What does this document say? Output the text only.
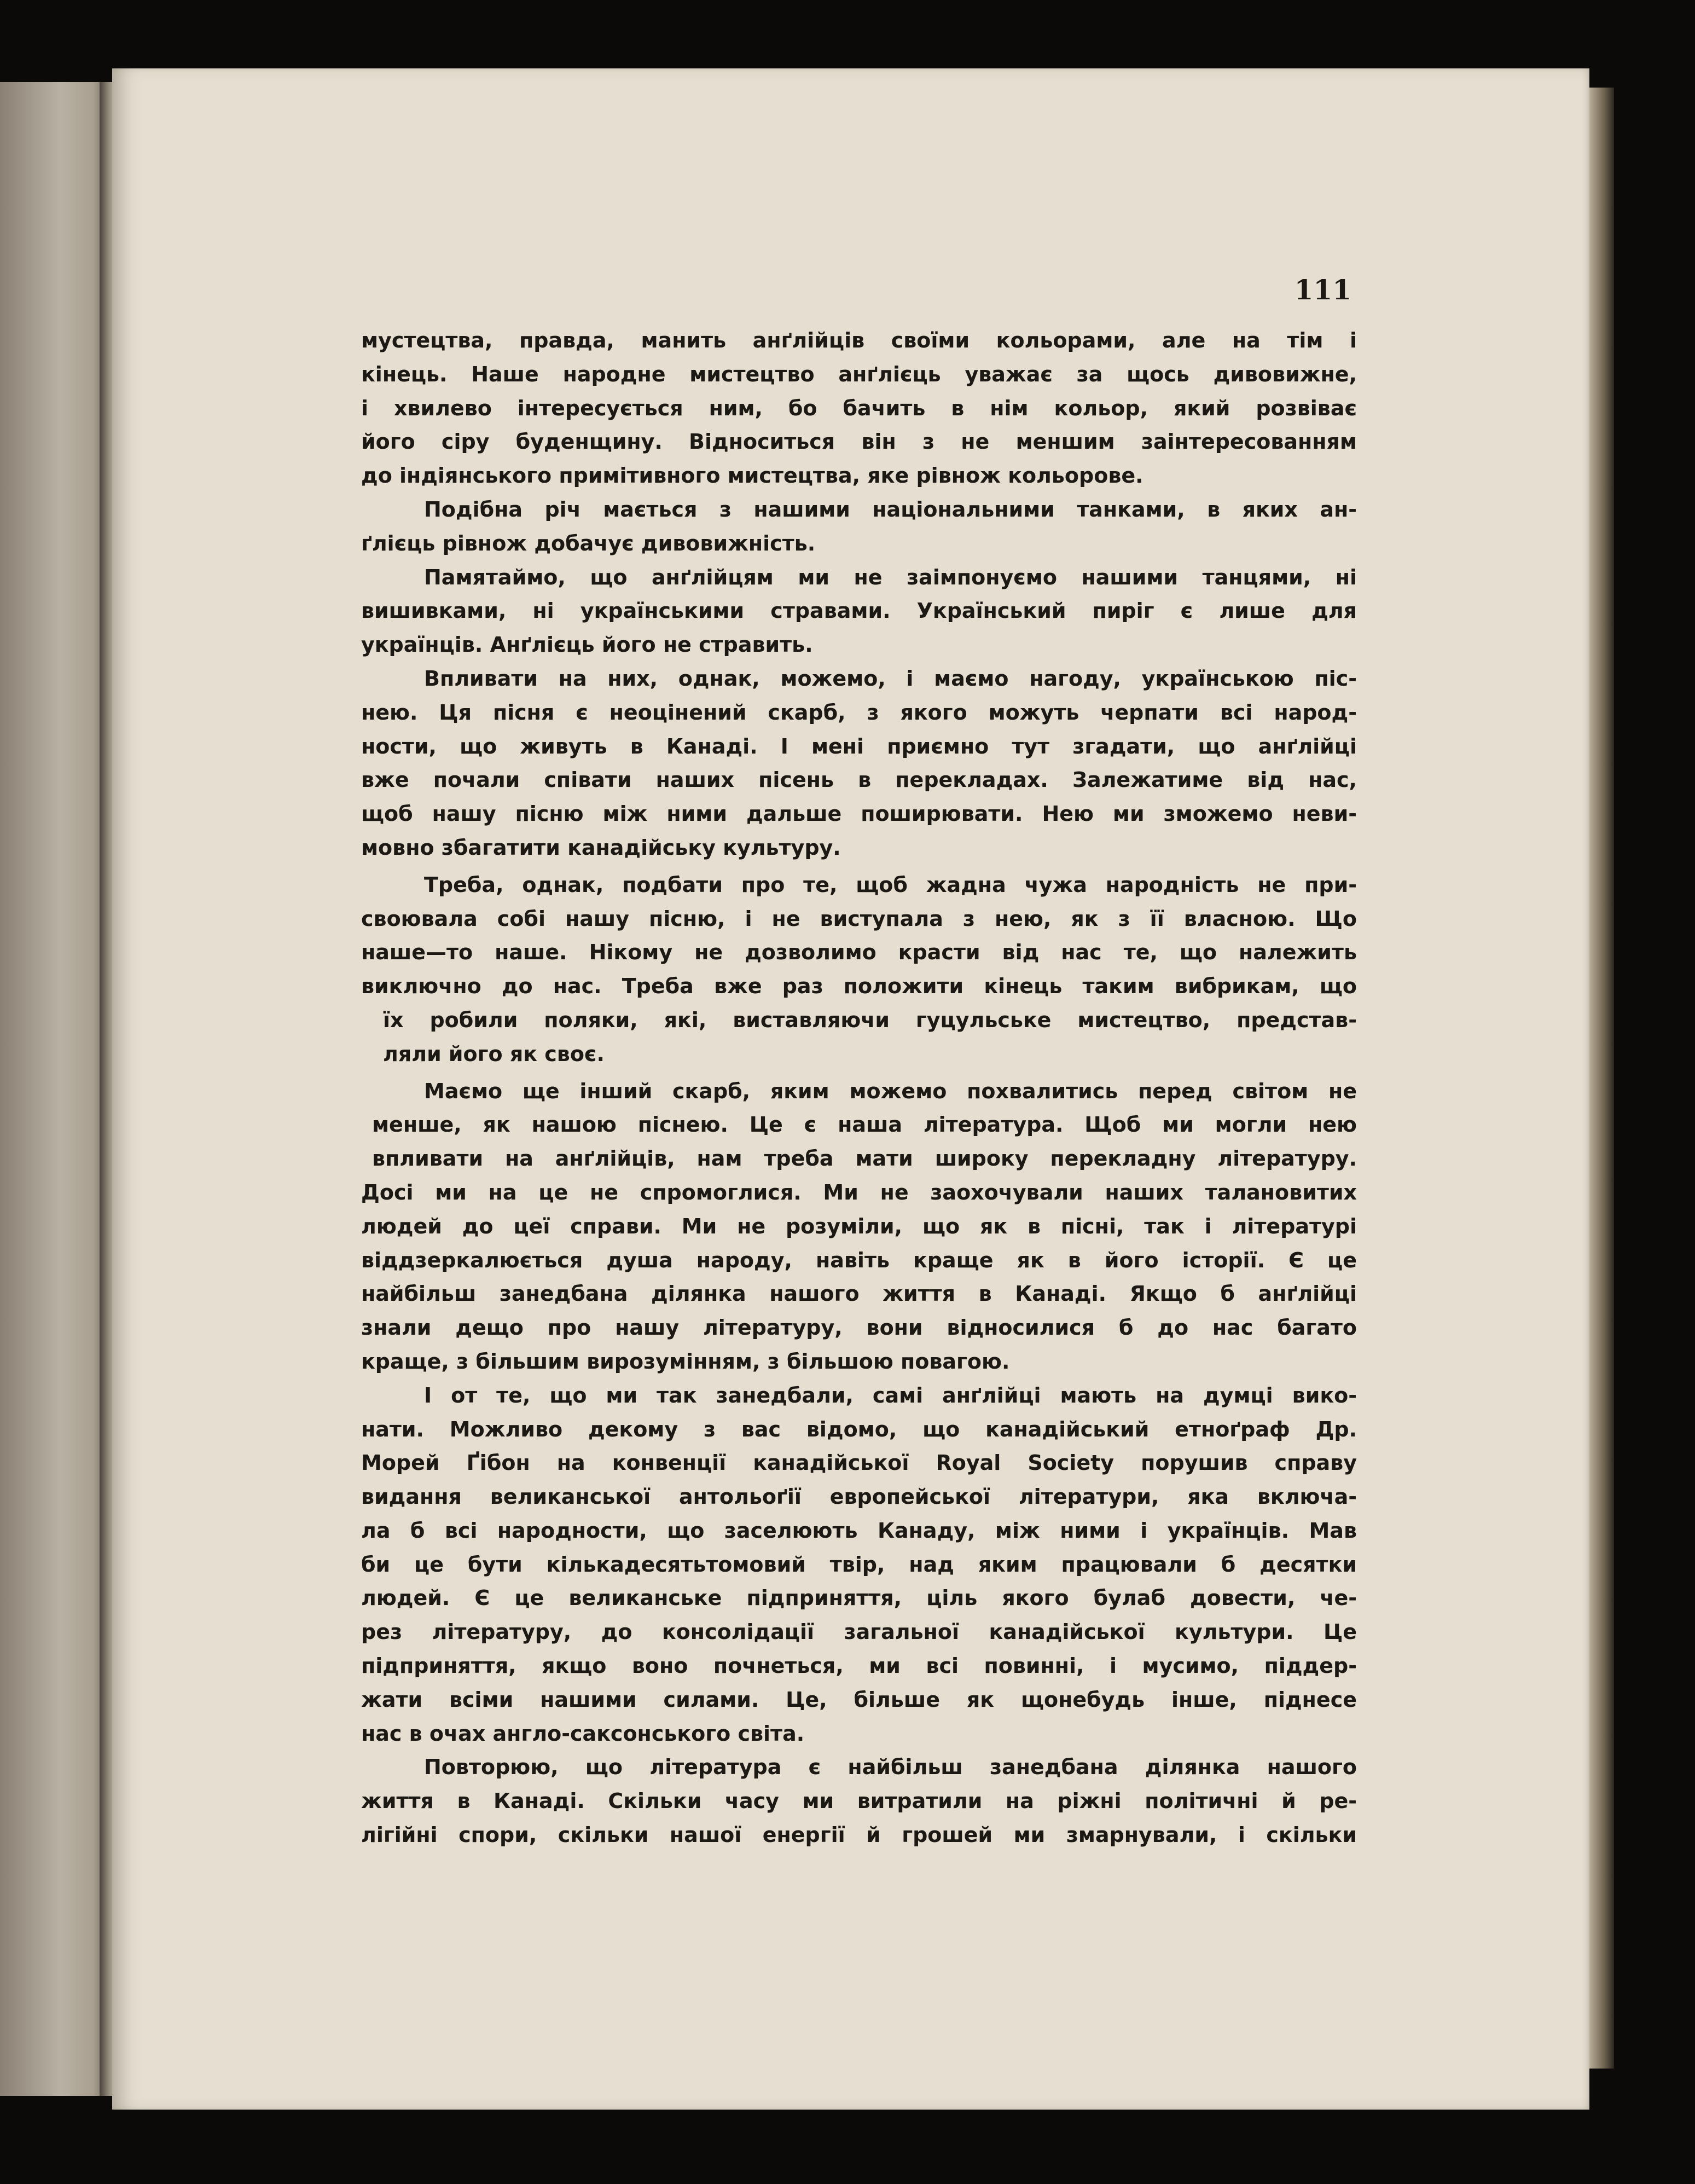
111
мустецтва, правда, манить анґлійців своїми кольорами, але на тім і
кінець. Наше народне мистецтво анґлієць уважає за щось дивовижне,
і хвилево інтересується ним, бо бачить в нім кольор, який розвіває
його сіру буденщину. Відноситься він з не меншим заінтересованням
до індіянського примітивного мистецтва, яке рівнож кольорове.
Подібна річ мається з нашими національними танками, в яких ан-
ґлієць рівнож добачує дивовижність.
Памятаймо, що анґлійцям ми не заімпонуємо нашими танцями, ні
вишивками, ні українськими стравами. Український пиріг є лише для
українців. Анґлієць його не стравить.
Впливати на них, однак, можемо, і маємо нагоду, українською піс-
нею. Ця пісня є неоцінений скарб, з якого можуть черпати всі народ-
ности, що живуть в Канаді. І мені приємно тут згадати, що анґлійці
вже почали співати наших пісень в перекладах. Залежатиме від нас,
щоб нашу пісню між ними дальше поширювати. Нею ми зможемо неви-
мовно збагатити канадійську культуру.
Треба, однак, подбати про те, щоб жадна чужа народність не при-
своювала собі нашу пісню, і не виступала з нею, як з її власною. Що
наше—то наше. Нікому не дозволимо красти від нас те, що належить
виключно до нас. Треба вже раз положити кінець таким вибрикам, що
їх робили поляки, які, виставляючи гуцульське мистецтво, представ-
ляли його як своє.
Маємо ще інший скарб, яким можемо похвалитись перед світом не
менше, як нашою піснею. Це є наша література. Щоб ми могли нею
впливати на анґлійців, нам треба мати широку перекладну літературу.
Досі ми на це не спромоглися. Ми не заохочували наших талановитих
людей до цеї справи. Ми не розуміли, що як в пісні, так і літературі
віддзеркалюється душа народу, навіть краще як в його історії. Є це
найбільш занедбана ділянка нашого життя в Канаді. Якщо б анґлійці
знали дещо про нашу літературу, вони відносилися б до нас багато
краще, з більшим вирозумінням, з більшою повагою.
І от те, що ми так занедбали, самі анґлійці мають на думці вико-
нати. Можливо декому з вас відомо, що канадійський етноґраф Др.
Морей Ґібон на конвенції канадійської Royal Society порушив справу
видання великанської антольоґії европейської літератури, яка включа-
ла б всі народности, що заселюють Канаду, між ними і українців. Мав
би це бути кількадесятьтомовий твір, над яким працювали б десятки
людей. Є це великанське підприняття, ціль якого булаб довести, че-
рез літературу, до консолідації загальної канадійської культури. Це
підприняття, якщо воно почнеться, ми всі повинні, і мусимо, піддер-
жати всіми нашими силами. Це, більше як щонебудь інше, піднесе
нас в очах англо-саксонського світа.
Повторюю, що література є найбільш занедбана ділянка нашого
життя в Канаді. Скільки часу ми витратили на ріжні політичні й ре-
лігійні спори, скільки нашої енергії й грошей ми змарнували, і скільки
